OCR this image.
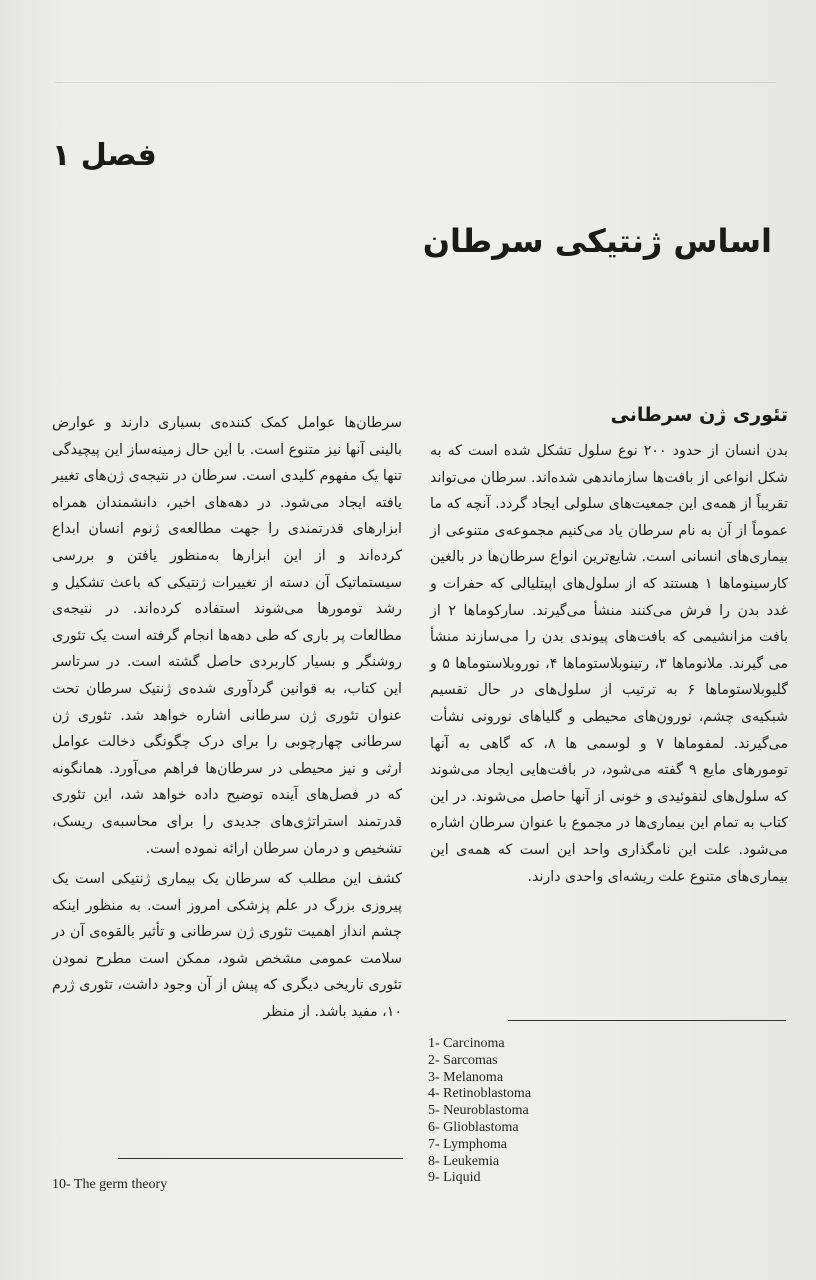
فصل ۱
اساس ژنتیکی سرطان

سرطان‌ها عوامل کمک کننده‌ی بسیاری دارند و عوارض بالینی آنها نیز متنوع است. با این حال زمینه‌ساز این پیچیدگی تنها یک مفهوم کلیدی است. سرطان در نتیجه‌ی ژن‌های تغییر یافته ایجاد می‌شود. در دهه‌های اخیر، دانشمندان همراه ابزارهای قدرتمندی را جهت مطالعه‌ی ژنوم انسان ابداع کرده‌اند و از این ابزارها به‌منظور یافتن و بررسی سیستماتیک آن دسته از تغییرات ژنتیکی که باعث تشکیل و رشد تومورها می‌شوند استفاده کرده‌اند. در نتیجه‌ی مطالعات پر باری که طی دهه‌ها انجام گرفته است یک تئوری روشنگر و بسیار کاربردی حاصل گشته است. در سرتاسر این کتاب، به قوانین گردآوری شده‌ی ژنتیک سرطان تحت عنوان تئوری ژن سرطانی اشاره خواهد شد. تئوری ژن سرطانی چهارچوبی را برای درک چگونگی دخالت عوامل ارثی و نیز محیطی در سرطان‌ها فراهم می‌آورد. همانگونه که در فصل‌های آینده توضیح داده خواهد شد، این تئوری قدرتمند استراتژی‌های جدیدی را برای محاسبه‌ی ریسک، تشخیص و درمان سرطان ارائه نموده است.

کشف این مطلب که سرطان یک بیماری ژنتیکی است یک پیروزی بزرگ در علم پزشکی امروز است. به منظور اینکه چشم انداز اهمیت تئوری ژن سرطانی و تأثیر بالقوه‌ی آن در سلامت عمومی مشخص شود، ممکن است مطرح نمودن تئوری تاریخی دیگری که پیش از آن وجود داشت، تئوری ژرم ۱۰، مفید باشد. از منظر

تئوری ژن سرطانی

بدن انسان از حدود ۲۰۰ نوع سلول تشکل شده است که به شکل انواعی از بافت‌ها سازماندهی شده‌اند. سرطان می‌تواند تقریباً از همه‌ی این جمعیت‌های سلولی ایجاد گردد. آنچه که ما عموماً از آن به نام سرطان یاد می‌کنیم مجموعه‌ی متنوعی از بیماری‌های انسانی است. شایع‌ترین انواع سرطان‌ها در بالغین کارسینوماها ۱ هستند که از سلول‌های اپیتلیالی که حفرات و غدد بدن را فرش می‌کنند منشأ می‌گیرند. سارکوماها ۲ از بافت مزانشیمی که بافت‌های پیوندی بدن را می‌سازند منشأ می گیرند. ملانوماها ۳، رتینوبلاستوماها ۴، نوروبلاستوماها ۵ و گلیوبلاستوماها ۶ به ترتیب از سلول‌های در حال تقسیم شبکیه‌ی چشم، نورون‌های محیطی و گلیاهای نورونی نشأت می‌گیرند. لمفوماها ۷ و لوسمی ها ۸، که گاهی به آنها تومورهای مایع ۹ گفته می‌شود، در بافت‌هایی ایجاد می‌شوند که سلول‌های لنفوئیدی و خونی از آنها حاصل می‌شوند. در این کتاب به تمام این بیماری‌ها در مجموع با عنوان سرطان اشاره می‌شود. علت این نامگذاری واحد این است که همه‌ی این بیماری‌های متنوع علت ریشه‌ای واحدی دارند.

1- Carcinoma
2- Sarcomas
3- Melanoma
4- Retinoblastoma
5- Neuroblastoma
6- Glioblastoma
7- Lymphoma
8- Leukemia
9- Liquid
10- The germ theory
